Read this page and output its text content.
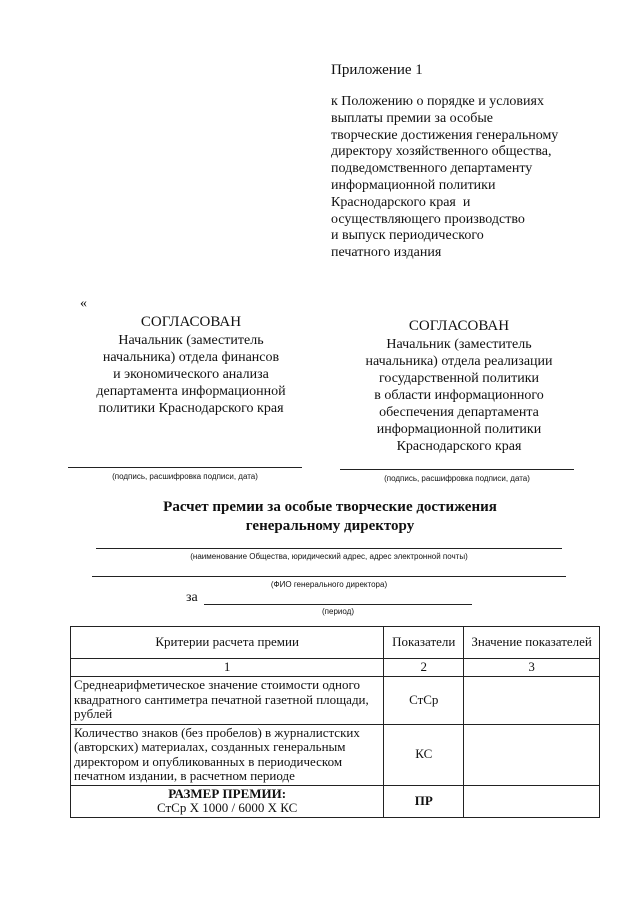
Приложение 1
к Положению о порядке и условиях
выплаты премии за особые
творческие достижения генеральному
директору хозяйственного общества,
подведомственного департаменту
информационной политики
Краснодарского края  и
осуществляющего производство
и выпуск периодического
печатного издания
«
СОГЛАСОВАН
Начальник (заместитель
начальника) отдела финансов
и экономического анализа
департамента информационной
политики Краснодарского края
(подпись, расшифровка подписи, дата)
СОГЛАСОВАН
Начальник (заместитель
начальника) отдела реализации
государственной политики
в области информационного
обеспечения департамента
информационной политики
Краснодарского края
(подпись, расшифровка подписи, дата)
Расчет премии за особые творческие достижения
генеральному директору
(наименование Общества, юридический адрес, адрес электронной почты)
(ФИО генерального директора)
за
(период)
Критерии расчета премии	Показатели	Значение показателей
1	2	3
Среднеарифметическое значение стоимости одного квадратного сантиметра печатной газетной площади, рублей	СтСр	
Количество знаков (без пробелов) в журналистских (авторских) материалах, созданных генеральным директором и опубликованных в периодическом печатном издании, в расчетном периоде	КС	

РАЗМЕР ПРЕМИИ:
СтСр Х 1000 / 6000 Х КС	ПР	
